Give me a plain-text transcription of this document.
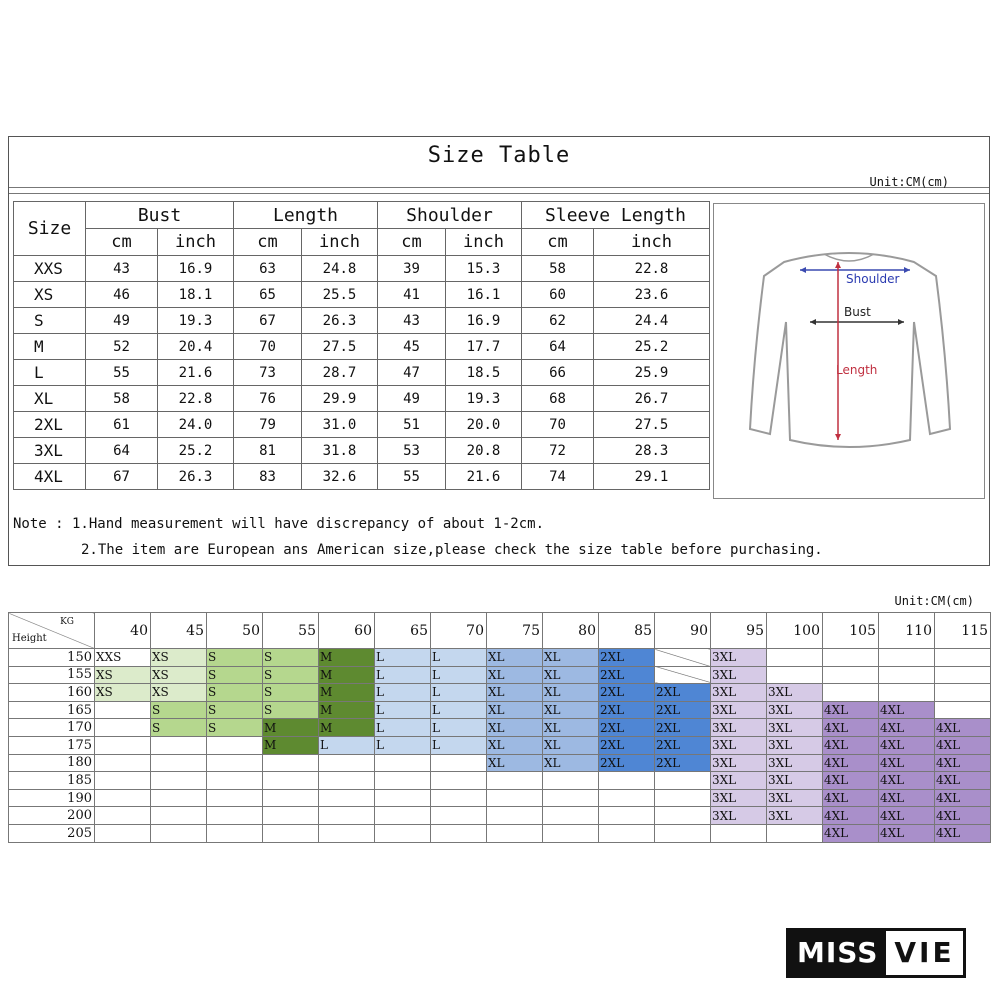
Size Table
Unit:CM(cm)
Size	Bust		Length		Shoulder		Sleeve Length	
	cm	inch	cm	inch	cm	inch	cm	inch
XXS	43	16.9	63	24.8	39	15.3	58	22.8
XS	46	18.1	65	25.5	41	16.1	60	23.6
S	49	19.3	67	26.3	43	16.9	62	24.4
M	52	20.4	70	27.5	45	17.7	64	25.2
L	55	21.6	73	28.7	47	18.5	66	25.9
XL	58	22.8	76	29.9	49	19.3	68	26.7
2XL	61	24.0	79	31.0	51	20.0	70	27.5
3XL	64	25.2	81	31.8	53	20.8	72	28.3
4XL	67	26.3	83	32.6	55	21.6	74	29.1
Shoulder
Bust
Length
Note : 1.Hand measurement will have discrepancy of about 1-2cm.
2.The item are European ans American size,please check the size table before purchasing.
Unit:CM(cm)
KG
Height	40	45	50	55	60	65	70	75	80	85	90	95	100	105	110	115
150	XXS	XS	S	S	M	L	L	XL	XL	2XL		3XL				
155	XS	XS	S	S	M	L	L	XL	XL	2XL		3XL				
160	XS	XS	S	S	M	L	L	XL	XL	2XL	2XL	3XL	3XL			
165		S	S	S	M	L	L	XL	XL	2XL	2XL	3XL	3XL	4XL	4XL	
170		S	S	M	M	L	L	XL	XL	2XL	2XL	3XL	3XL	4XL	4XL	4XL
175				M	L	L	L	XL	XL	2XL	2XL	3XL	3XL	4XL	4XL	4XL
180								XL	XL	2XL	2XL	3XL	3XL	4XL	4XL	4XL
185												3XL	3XL	4XL	4XL	4XL
190												3XL	3XL	4XL	4XL	4XL
200												3XL	3XL	4XL	4XL	4XL
205														4XL	4XL	4XL
MISS VIE
